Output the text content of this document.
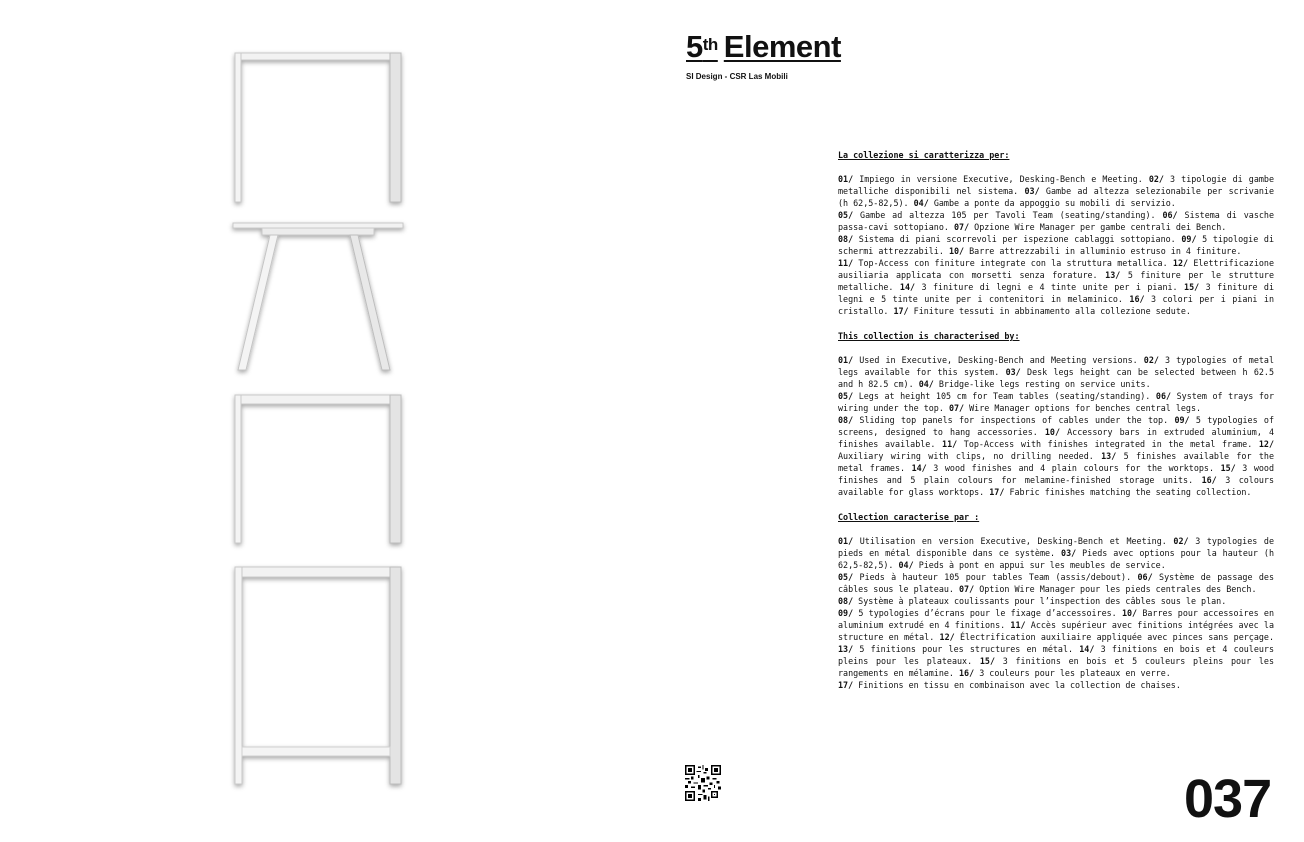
5th Element
SI Design - CSR Las Mobili

La collezione si caratterizza per:

01/ Impiego in versione Executive, Desking-Bench e Meeting. 02/ 3 tipologie di gambe metalliche disponibili nel sistema. 03/ Gambe ad altezza selezionabile per scrivanie (h 62,5-82,5). 04/ Gambe a ponte da appoggio su mobili di servizio.
05/ Gambe ad altezza 105 per Tavoli Team (seating/standing). 06/ Sistema di vasche passa-cavi sottopiano. 07/ Opzione Wire Manager per gambe centrali dei Bench.
08/ Sistema di piani scorrevoli per ispezione cablaggi sottopiano. 09/ 5 tipologie di schermi attrezzabili. 10/ Barre attrezzabili in alluminio estruso in 4 finiture.
11/ Top-Access con finiture integrate con la struttura metallica. 12/ Elettrificazione ausiliaria applicata con morsetti senza forature. 13/ 5 finiture per le strutture metalliche. 14/ 3 finiture di legni e 4 tinte unite per i piani. 15/ 3 finiture di legni e 5 tinte unite per i contenitori in melaminico. 16/ 3 colori per i piani in cristallo. 17/ Finiture tessuti in abbinamento alla collezione sedute.

This collection is characterised by:

01/ Used in Executive, Desking-Bench and Meeting versions. 02/ 3 typologies of metal legs available for this system. 03/ Desk legs height can be selected between h 62.5 and h 82.5 cm). 04/ Bridge-like legs resting on service units.
05/ Legs at height 105 cm for Team tables (seating/standing). 06/ System of trays for wiring under the top. 07/ Wire Manager options for benches central legs.
08/ Sliding top panels for inspections of cables under the top. 09/ 5 typologies of screens, designed to hang accessories. 10/ Accessory bars in extruded aluminium, 4 finishes available. 11/ Top-Access with finishes integrated in the metal frame. 12/ Auxiliary wiring with clips, no drilling needed. 13/ 5 finishes available for the metal frames. 14/ 3 wood finishes and 4 plain colours for the worktops. 15/ 3 wood finishes and 5 plain colours for melamine-finished storage units. 16/ 3 colours available for glass worktops. 17/ Fabric finishes matching the seating collection.

Collection caracterise par :

01/ Utilisation en version Executive, Desking-Bench et Meeting. 02/ 3 typologies de pieds en métal disponible dans ce système. 03/ Pieds avec options pour la hauteur (h 62,5-82,5). 04/ Pieds à pont en appui sur les meubles de service.
05/ Pieds à hauteur 105 pour tables Team (assis/debout). 06/ Système de passage des câbles sous le plateau. 07/ Option Wire Manager pour les pieds centrales des Bench.
08/ Système à plateaux coulissants pour l’inspection des câbles sous le plan.
09/ 5 typologies d’écrans pour le fixage d’accessoires. 10/ Barres pour accessoires en aluminium extrudé en 4 finitions. 11/ Accès supérieur avec finitions intégrées avec la structure en métal. 12/ Électrification auxiliaire appliquée avec pinces sans perçage. 13/ 5 finitions pour les structures en métal. 14/ 3 finitions en bois et 4 couleurs pleins pour les plateaux. 15/ 3 finitions en bois et 5 couleurs pleins pour les rangements en mélamine. 16/ 3 couleurs pour les plateaux en verre.
17/ Finitions en tissu en combinaison avec la collection de chaises.

037
